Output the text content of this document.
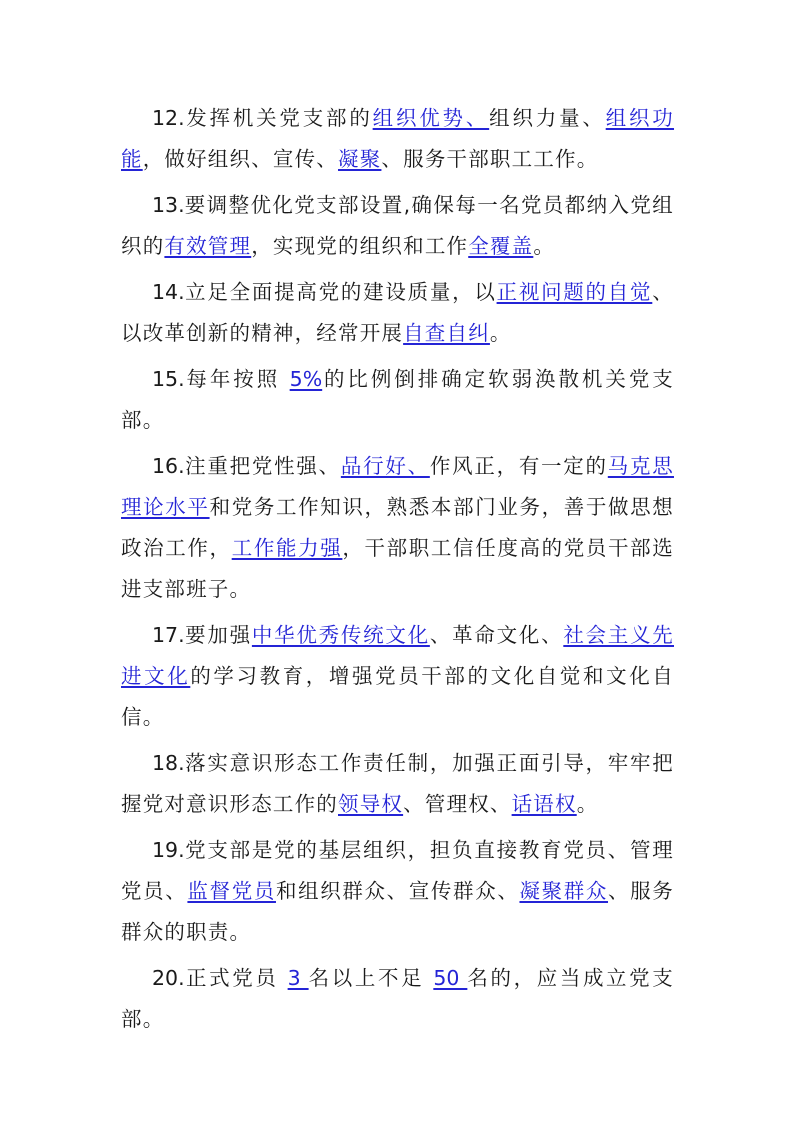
12.发挥机关党支部的组织优势、组织力量、组织功能，做好组织、宣传、凝聚、服务干部职工工作。

13.要调整优化党支部设置,确保每一名党员都纳入党组织的有效管理，实现党的组织和工作全覆盖。

14.立足全面提高党的建设质量，以正视问题的自觉、以改革创新的精神，经常开展自查自纠。

15.每年按照 5%的比例倒排确定软弱涣散机关党支部。

16.注重把党性强、品行好、作风正，有一定的马克思理论水平和党务工作知识，熟悉本部门业务，善于做思想政治工作，工作能力强，干部职工信任度高的党员干部选进支部班子。

17.要加强中华优秀传统文化、革命文化、社会主义先进文化的学习教育，增强党员干部的文化自觉和文化自信。

18.落实意识形态工作责任制，加强正面引导，牢牢把握党对意识形态工作的领导权、管理权、话语权。

19.党支部是党的基层组织，担负直接教育党员、管理党员、监督党员和组织群众、宣传群众、凝聚群众、服务群众的职责。

20.正式党员 3 名以上不足 50 名的，应当成立党支部。
